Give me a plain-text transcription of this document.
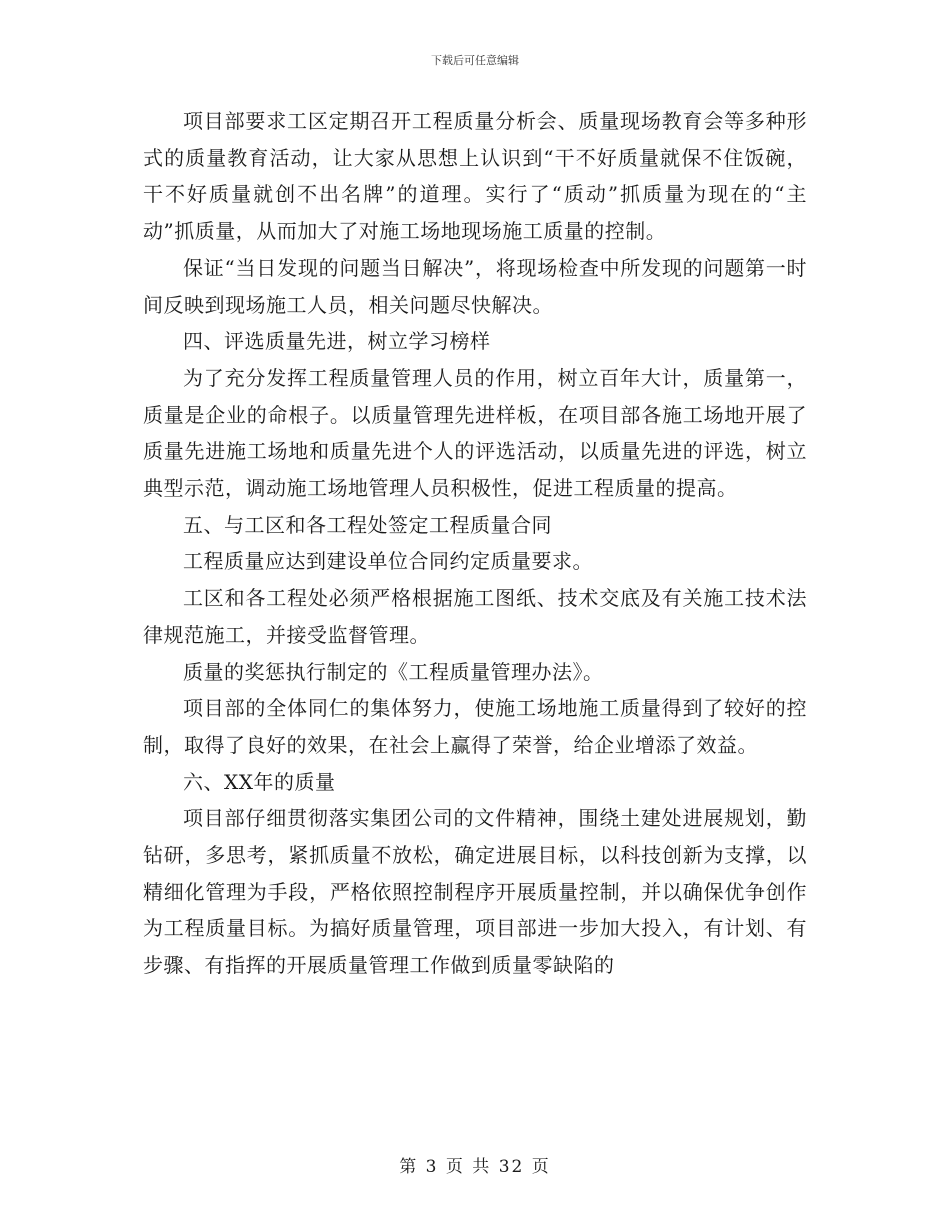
下载后可任意编辑

项目部要求工区定期召开工程质量分析会、质量现场教育会等多种形式的质量教育活动，让大家从思想上认识到“干不好质量就保不住饭碗，干不好质量就创不出名牌”的道理。实行了“质动”抓质量为现在的“主动”抓质量，从而加大了对施工场地现场施工质量的控制。

保证“当日发现的问题当日解决”，将现场检查中所发现的问题第一时间反映到现场施工人员，相关问题尽快解决。

四、评选质量先进，树立学习榜样

为了充分发挥工程质量管理人员的作用，树立百年大计，质量第一，质量是企业的命根子。以质量管理先进样板，在项目部各施工场地开展了质量先进施工场地和质量先进个人的评选活动，以质量先进的评选，树立典型示范，调动施工场地管理人员积极性，促进工程质量的提高。

五、与工区和各工程处签定工程质量合同

工程质量应达到建设单位合同约定质量要求。

工区和各工程处必须严格根据施工图纸、技术交底及有关施工技术法律规范施工，并接受监督管理。

质量的奖惩执行制定的《工程质量管理办法》。

项目部的全体同仁的集体努力，使施工场地施工质量得到了较好的控制，取得了良好的效果，在社会上赢得了荣誉，给企业增添了效益。

六、XX年的质量

项目部仔细贯彻落实集团公司的文件精神，围绕土建处进展规划，勤钻研，多思考，紧抓质量不放松，确定进展目标，以科技创新为支撑，以精细化管理为手段，严格依照控制程序开展质量控制，并以确保优争创作为工程质量目标。为搞好质量管理，项目部进一步加大投入，有计划、有步骤、有指挥的开展质量管理工作做到质量零缺陷的

第 3 页 共 32 页
